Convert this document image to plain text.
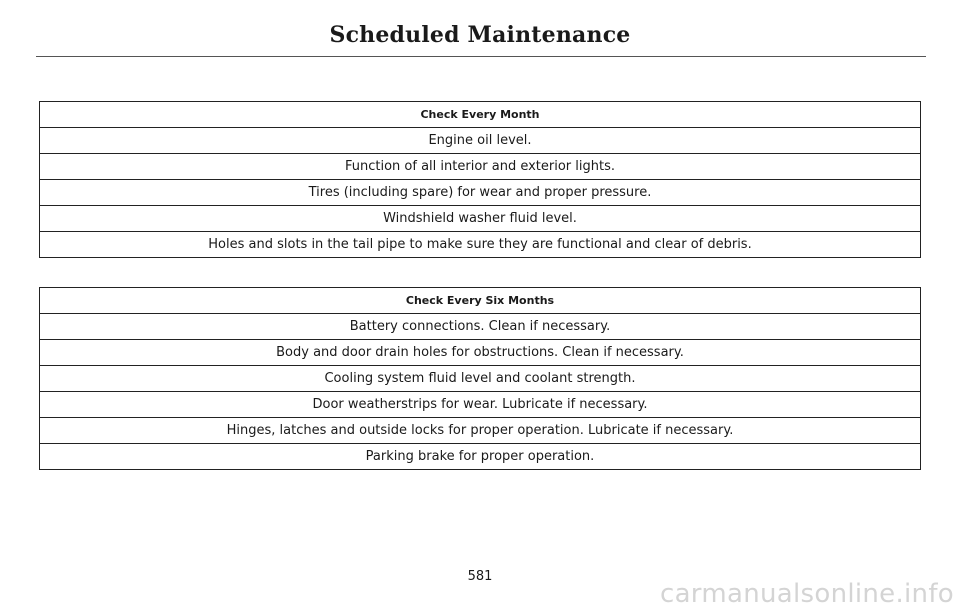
Scheduled Maintenance
Check Every Month
Engine oil level.
Function of all interior and exterior lights.
Tires (including spare) for wear and proper pressure.
Windshield washer fluid level.
Holes and slots in the tail pipe to make sure they are functional and clear of debris.
Check Every Six Months
Battery connections. Clean if necessary.
Body and door drain holes for obstructions. Clean if necessary.
Cooling system fluid level and coolant strength.
Door weatherstrips for wear. Lubricate if necessary.
Hinges, latches and outside locks for proper operation. Lubricate if necessary.
Parking brake for proper operation.
581
carmanualsonline.info
